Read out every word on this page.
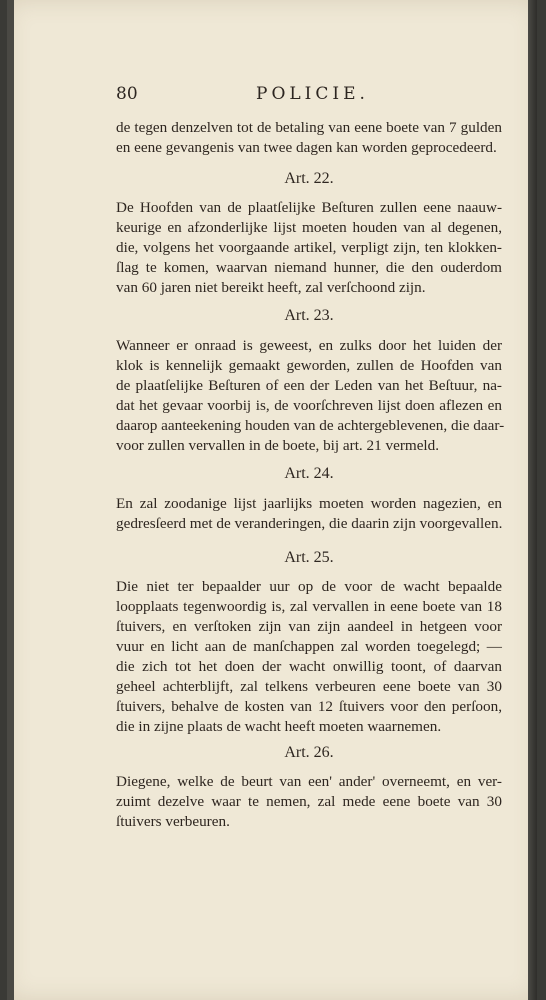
80	POLICIE.
de tegen denzelven tot de betaling van eene boete van 7 gulden
en eene gevangenis van twee dagen kan worden geprocedeerd.
Art. 22.
De Hoofden van de plaatſelijke Beſturen zullen eene naauw-
keurige en afzonderlijke lijst moeten houden van al degenen,
die, volgens het voorgaande artikel, verpligt zijn, ten klokken-
ſlag te komen, waarvan niemand hunner, die den ouderdom
van 60 jaren niet bereikt heeft, zal verſchoond zijn.
Art. 23.
Wanneer er onraad is geweest, en zulks door het luiden der
klok is kennelijk gemaakt geworden, zullen de Hoofden van
de plaatſelijke Beſturen of een der Leden van het Beſtuur, na-
dat het gevaar voorbij is, de voorſchreven lijst doen aflezen en
daarop aanteekening houden van de achtergeblevenen, die daar-
voor zullen vervallen in de boete, bij art. 21 vermeld.
Art. 24.
En zal zoodanige lijst jaarlijks moeten worden nagezien, en
gedresſeerd met de veranderingen, die daarin zijn voorgevallen.
Art. 25.
Die niet ter bepaalder uur op de voor de wacht bepaalde
loopplaats tegenwoordig is, zal vervallen in eene boete van 18
ſtuivers, en verſtoken zijn van zijn aandeel in hetgeen voor
vuur en licht aan de manſchappen zal worden toegelegd; —
die zich tot het doen der wacht onwillig toont, of daarvan
geheel achterblijft, zal telkens verbeuren eene boete van 30
ſtuivers, behalve de kosten van 12 ſtuivers voor den perſoon,
die in zijne plaats de wacht heeft moeten waarnemen.
Art. 26.
Diegene, welke de beurt van een' ander' overneemt, en ver-
zuimt dezelve waar te nemen, zal mede eene boete van 30
ſtuivers verbeuren.
